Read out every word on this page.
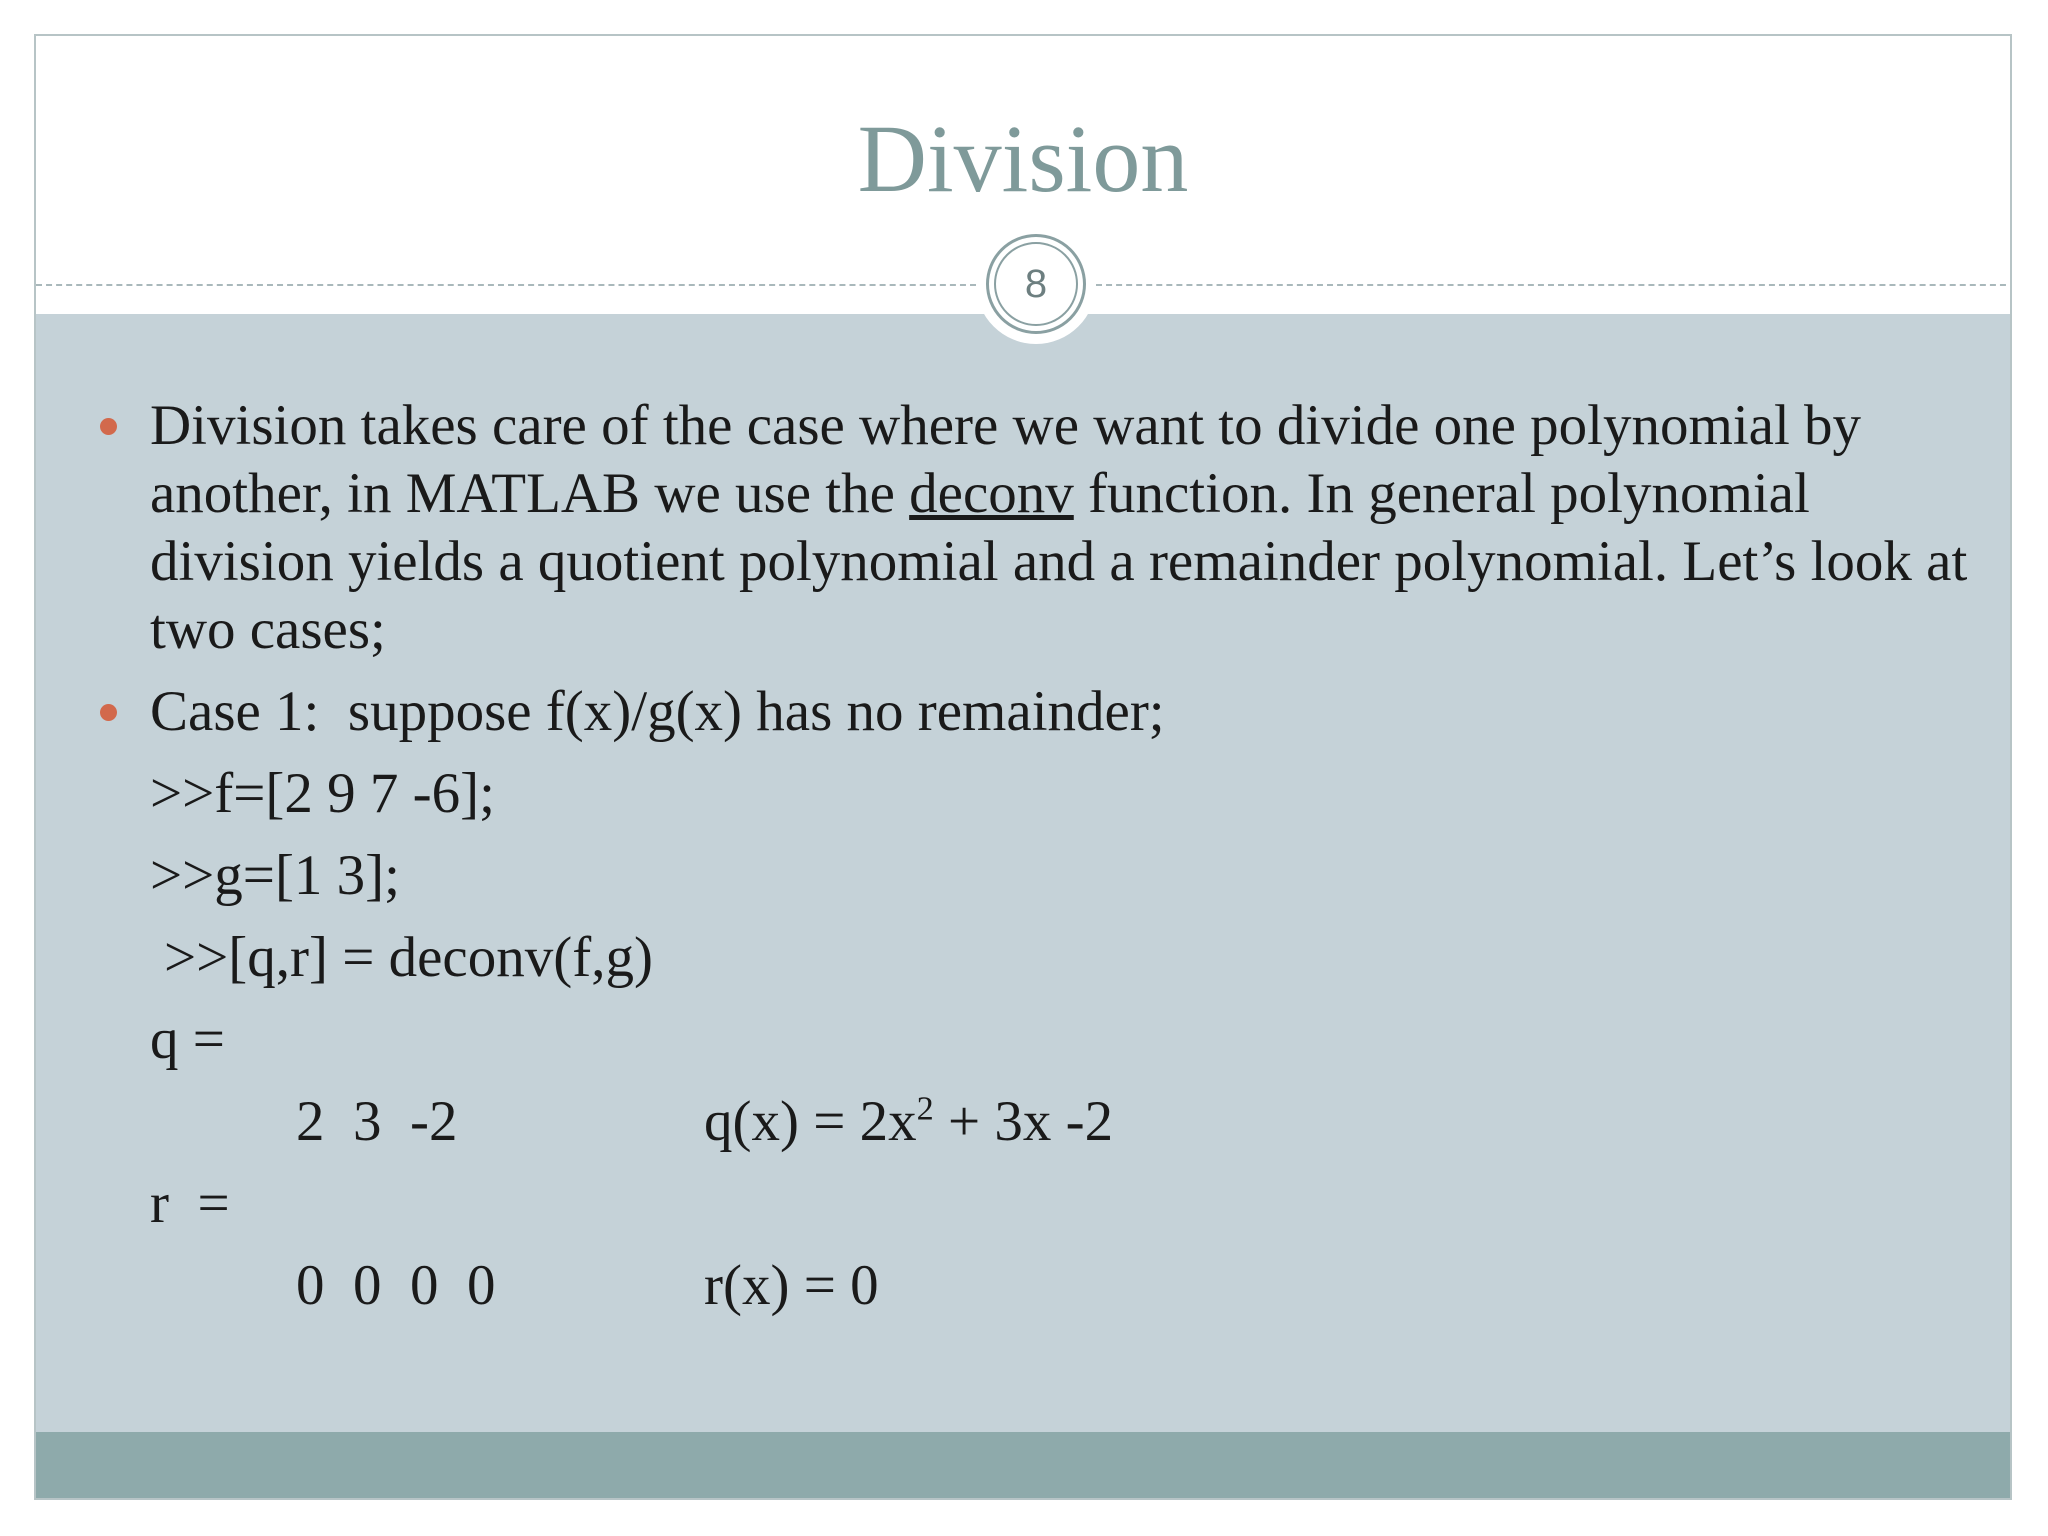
Division

Division takes care of the case where we want to divide one polynomial by another, in MATLAB we use the deconv function. In general polynomial division yields a quotient polynomial and a remainder polynomial. Let’s look at two cases;

Case 1:  suppose f(x)/g(x) has no remainder;
>>f=[2 9 7 -6];
>>g=[1 3];
>>[q,r] = deconv(f,g)
q =
2  3  -2	$q(x) = 2x^2 + 3x$ -2
r  =
0  0  0  0	r(x) = 0
8
